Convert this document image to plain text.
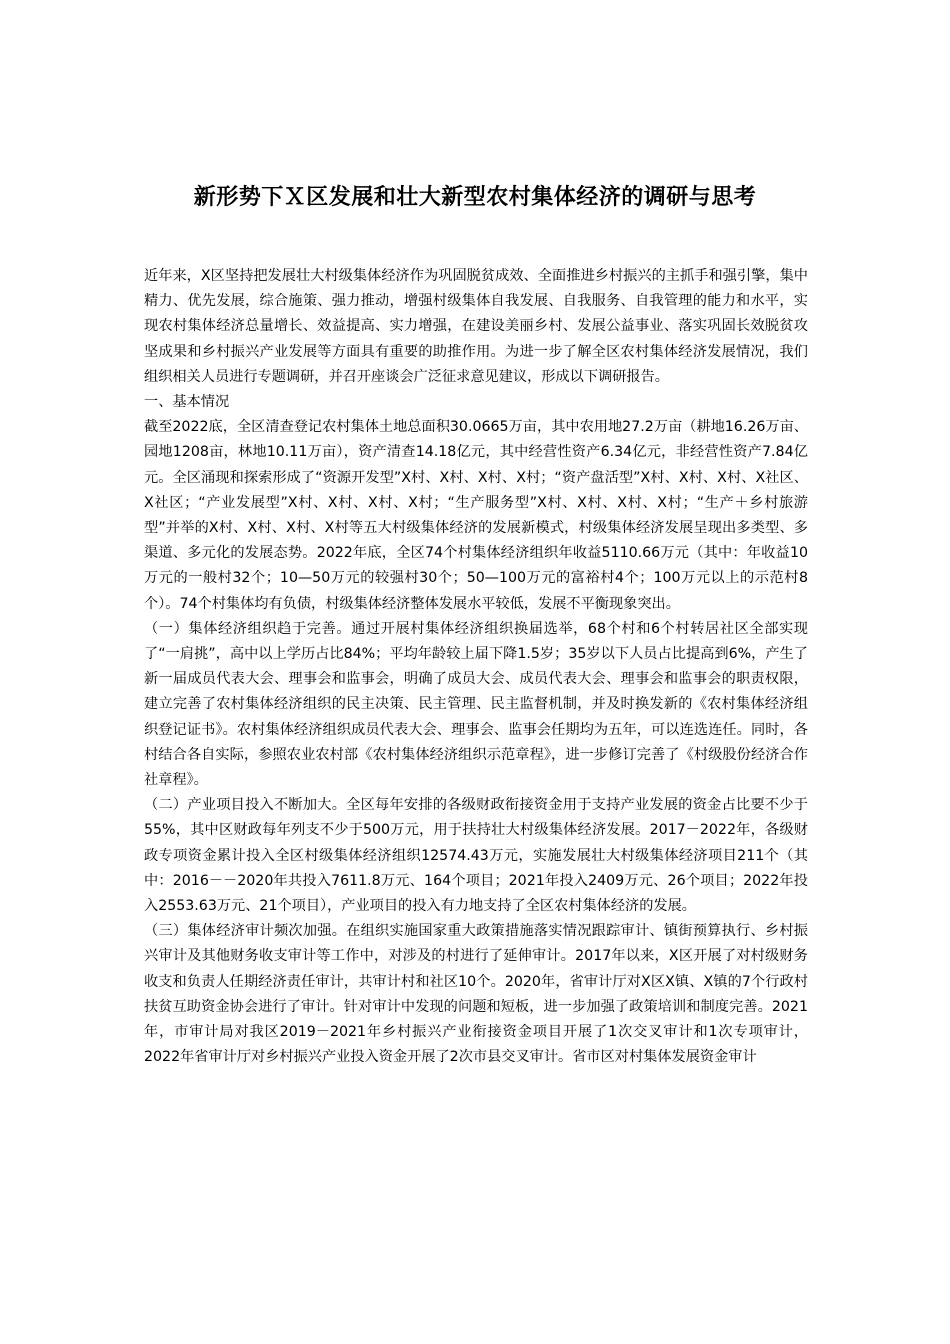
新形势下Ｘ区发展和壮大新型农村集体经济的调研与思考

近年来，X区坚持把发展壮大村级集体经济作为巩固脱贫成效、全面推进乡村振兴的主抓手和强引擎，集中精力、优先发展，综合施策、强力推动，增强村级集体自我发展、自我服务、自我管理的能力和水平，实现农村集体经济总量增长、效益提高、实力增强，在建设美丽乡村、发展公益事业、落实巩固长效脱贫攻坚成果和乡村振兴产业发展等方面具有重要的助推作用。为进一步了解全区农村集体经济发展情况，我们组织相关人员进行专题调研，并召开座谈会广泛征求意见建议，形成以下调研报告。

一、基本情况

截至2022底，全区清查登记农村集体土地总面积30.0665万亩，其中农用地27.2万亩（耕地16.26万亩、园地1208亩，林地10.11万亩），资产清查14.18亿元，其中经营性资产6.34亿元，非经营性资产7.84亿元。全区涌现和探索形成了“资源开发型”X村、X村、X村、X村；“资产盘活型”X村、X村、X村、X社区、X社区；“产业发展型”X村、X村、X村、X村；“生产服务型”X村、X村、X村、X村；“生产＋乡村旅游型”并举的X村、X村、X村、X村等五大村级集体经济的发展新模式，村级集体经济发展呈现出多类型、多渠道、多元化的发展态势。2022年底，全区74个村集体经济组织年收益5110.66万元（其中：年收益10万元的一般村32个；10—50万元的较强村30个；50—100万元的富裕村4个；100万元以上的示范村8个）。74个村集体均有负债，村级集体经济整体发展水平较低，发展不平衡现象突出。

（一）集体经济组织趋于完善。通过开展村集体经济组织换届选举，68个村和6个村转居社区全部实现了“一肩挑”，高中以上学历占比84%；平均年龄较上届下降1.5岁；35岁以下人员占比提高到6%，产生了新一届成员代表大会、理事会和监事会，明确了成员大会、成员代表大会、理事会和监事会的职责权限，建立完善了农村集体经济组织的民主决策、民主管理、民主监督机制，并及时换发新的《农村集体经济组织登记证书》。农村集体经济组织成员代表大会、理事会、监事会任期均为五年，可以连选连任。同时，各村结合各自实际，参照农业农村部《农村集体经济组织示范章程》，进一步修订完善了《村级股份经济合作社章程》。

（二）产业项目投入不断加大。全区每年安排的各级财政衔接资金用于支持产业发展的资金占比要不少于55%，其中区财政每年列支不少于500万元，用于扶持壮大村级集体经济发展。2017－2022年，各级财政专项资金累计投入全区村级集体经济组织12574.43万元，实施发展壮大村级集体经济项目211个（其中：2016－－2020年共投入7611.8万元、164个项目；2021年投入2409万元、26个项目；2022年投入2553.63万元、21个项目），产业项目的投入有力地支持了全区农村集体经济的发展。

（三）集体经济审计频次加强。在组织实施国家重大政策措施落实情况跟踪审计、镇街预算执行、乡村振兴审计及其他财务收支审计等工作中，对涉及的村进行了延伸审计。2017年以来，X区开展了对村级财务收支和负责人任期经济责任审计，共审计村和社区10个。2020年，省审计厅对X区X镇、X镇的7个行政村扶贫互助资金协会进行了审计。针对审计中发现的问题和短板，进一步加强了政策培训和制度完善。2021年，市审计局对我区2019－2021年乡村振兴产业衔接资金项目开展了1次交叉审计和1次专项审计，2022年省审计厅对乡村振兴产业投入资金开展了2次市县交叉审计。省市区对村集体发展资金审计
